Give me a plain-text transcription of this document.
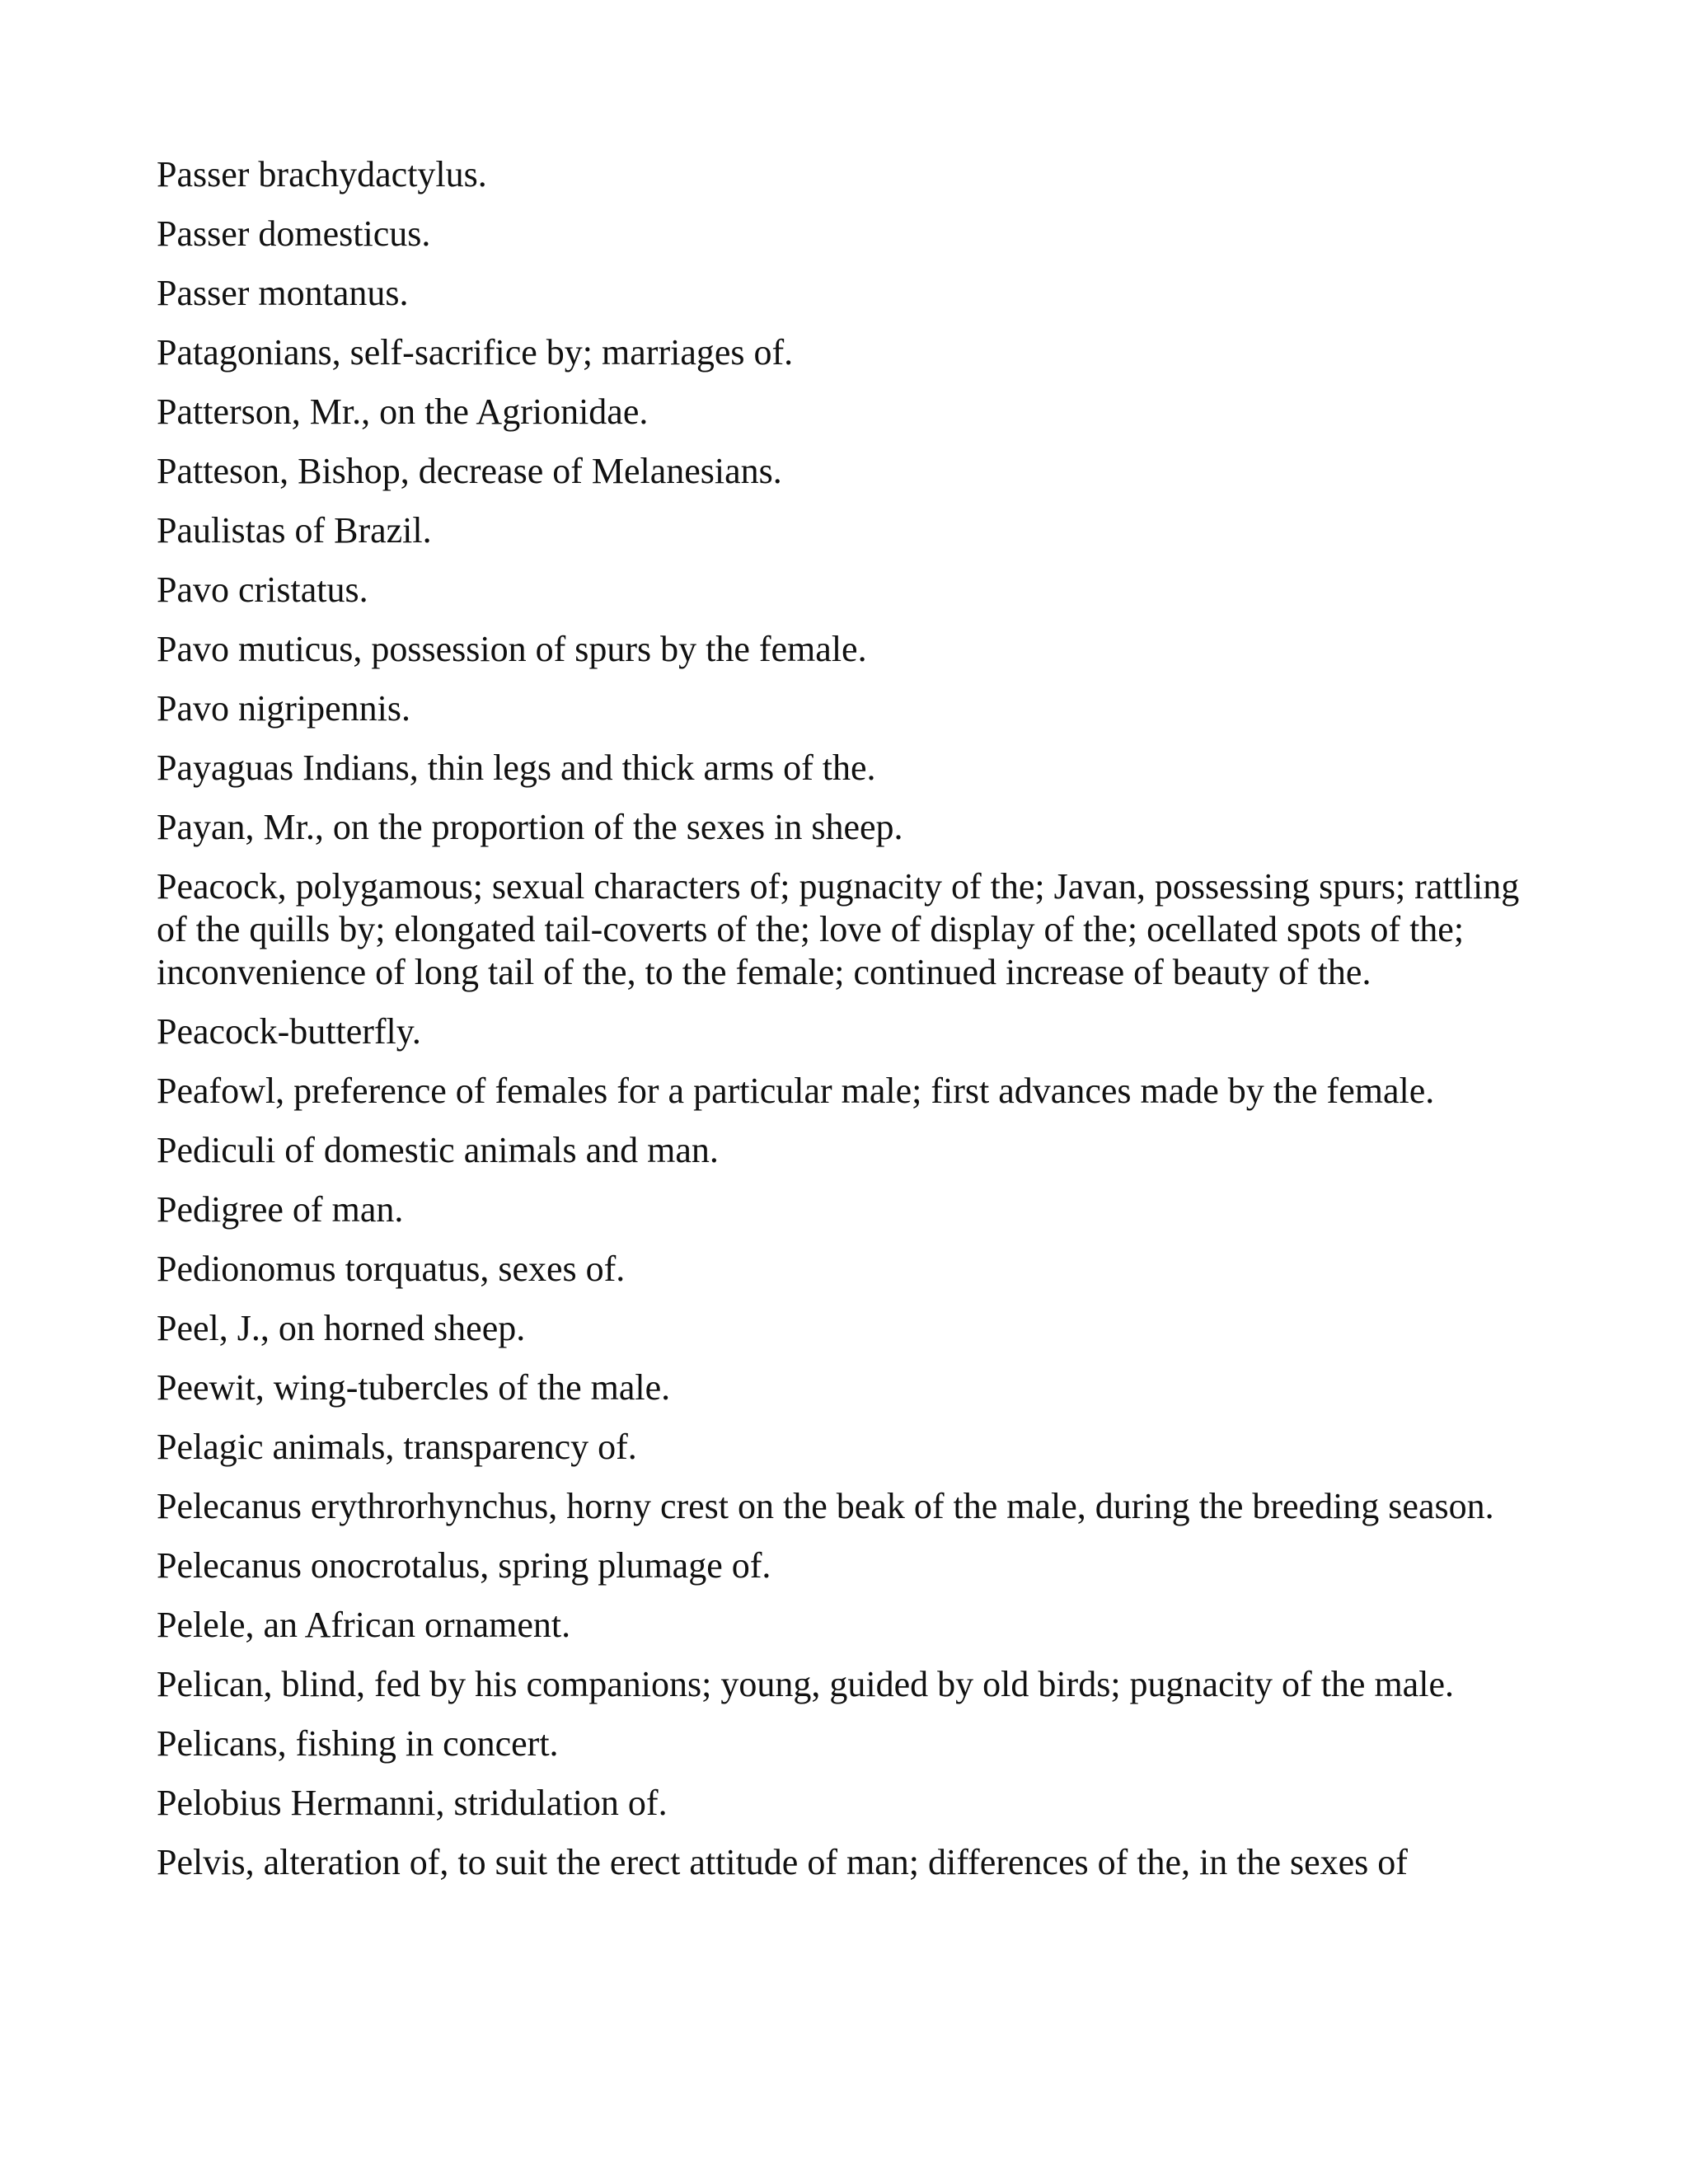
Passer brachydactylus.

Passer domesticus.

Passer montanus.

Patagonians, self-sacrifice by; marriages of.

Patterson, Mr., on the Agrionidae.

Patteson, Bishop, decrease of Melanesians.

Paulistas of Brazil.

Pavo cristatus.

Pavo muticus, possession of spurs by the female.

Pavo nigripennis.

Payaguas Indians, thin legs and thick arms of the.

Payan, Mr., on the proportion of the sexes in sheep.

Peacock, polygamous; sexual characters of; pugnacity of the; Javan, possessing spurs; rattling of the quills by; elongated tail-coverts of the; love of display of the; ocellated spots of the; inconvenience of long tail of the, to the female; continued increase of beauty of the.

Peacock-butterfly.

Peafowl, preference of females for a particular male; first advances made by the female.

Pediculi of domestic animals and man.

Pedigree of man.

Pedionomus torquatus, sexes of.

Peel, J., on horned sheep.

Peewit, wing-tubercles of the male.

Pelagic animals, transparency of.

Pelecanus erythrorhynchus, horny crest on the beak of the male, during the breeding season.

Pelecanus onocrotalus, spring plumage of.

Pelele, an African ornament.

Pelican, blind, fed by his companions; young, guided by old birds; pugnacity of the male.

Pelicans, fishing in concert.

Pelobius Hermanni, stridulation of.

Pelvis, alteration of, to suit the erect attitude of man; differences of the, in the sexes of
